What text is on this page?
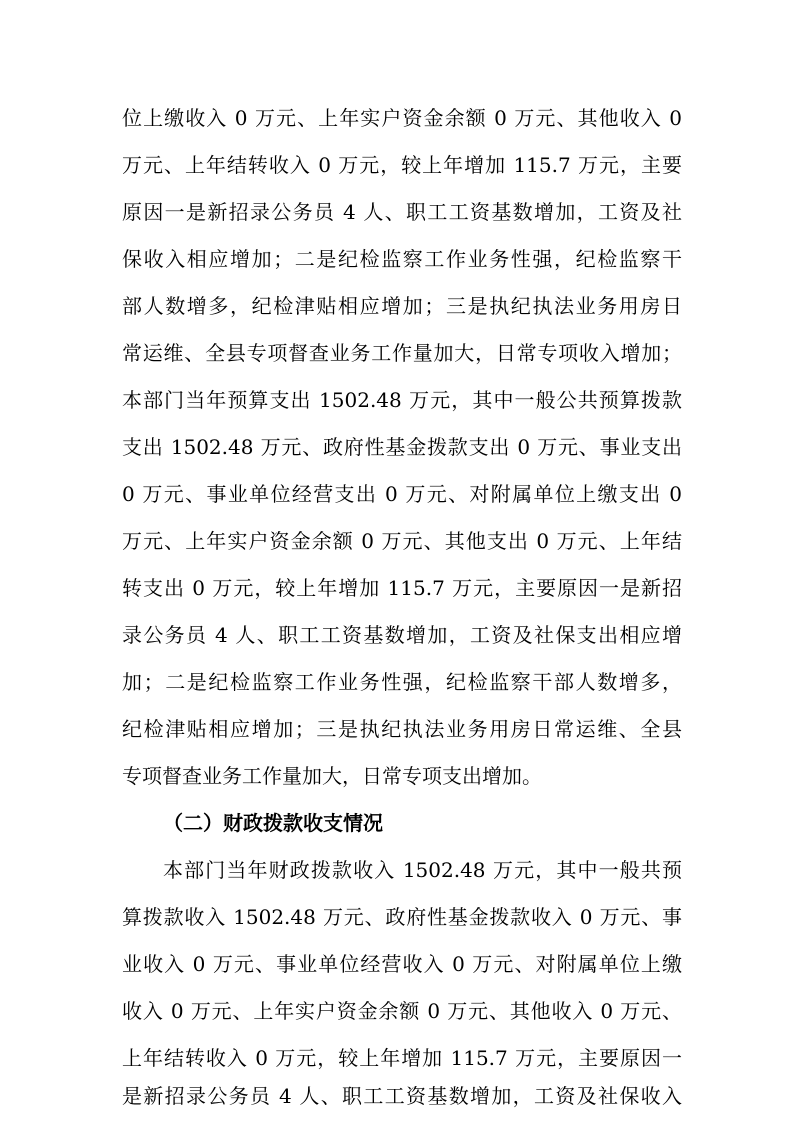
位上缴收入 0 万元、上年实户资金余额 0 万元、其他收入 0
万元、上年结转收入 0 万元，较上年增加 115.7 万元，主要
原因一是新招录公务员 4 人、职工工资基数增加，工资及社
保收入相应增加；二是纪检监察工作业务性强，纪检监察干
部人数增多，纪检津贴相应增加；三是执纪执法业务用房日
常运维、全县专项督查业务工作量加大，日常专项收入增加；
本部门当年预算支出 1502.48 万元，其中一般公共预算拨款
支出 1502.48 万元、政府性基金拨款支出 0 万元、事业支出
0 万元、事业单位经营支出 0 万元、对附属单位上缴支出 0
万元、上年实户资金余额 0 万元、其他支出 0 万元、上年结
转支出 0 万元，较上年增加 115.7 万元，主要原因一是新招
录公务员 4 人、职工工资基数增加，工资及社保支出相应增
加；二是纪检监察工作业务性强，纪检监察干部人数增多，
纪检津贴相应增加；三是执纪执法业务用房日常运维、全县
专项督查业务工作量加大，日常专项支出增加。
（二）财政拨款收支情况
本部门当年财政拨款收入 1502.48 万元，其中一般共预
算拨款收入 1502.48 万元、政府性基金拨款收入 0 万元、事
业收入 0 万元、事业单位经营收入 0 万元、对附属单位上缴
收入 0 万元、上年实户资金余额 0 万元、其他收入 0 万元、
上年结转收入 0 万元，较上年增加 115.7 万元，主要原因一
是新招录公务员 4 人、职工工资基数增加，工资及社保收入
